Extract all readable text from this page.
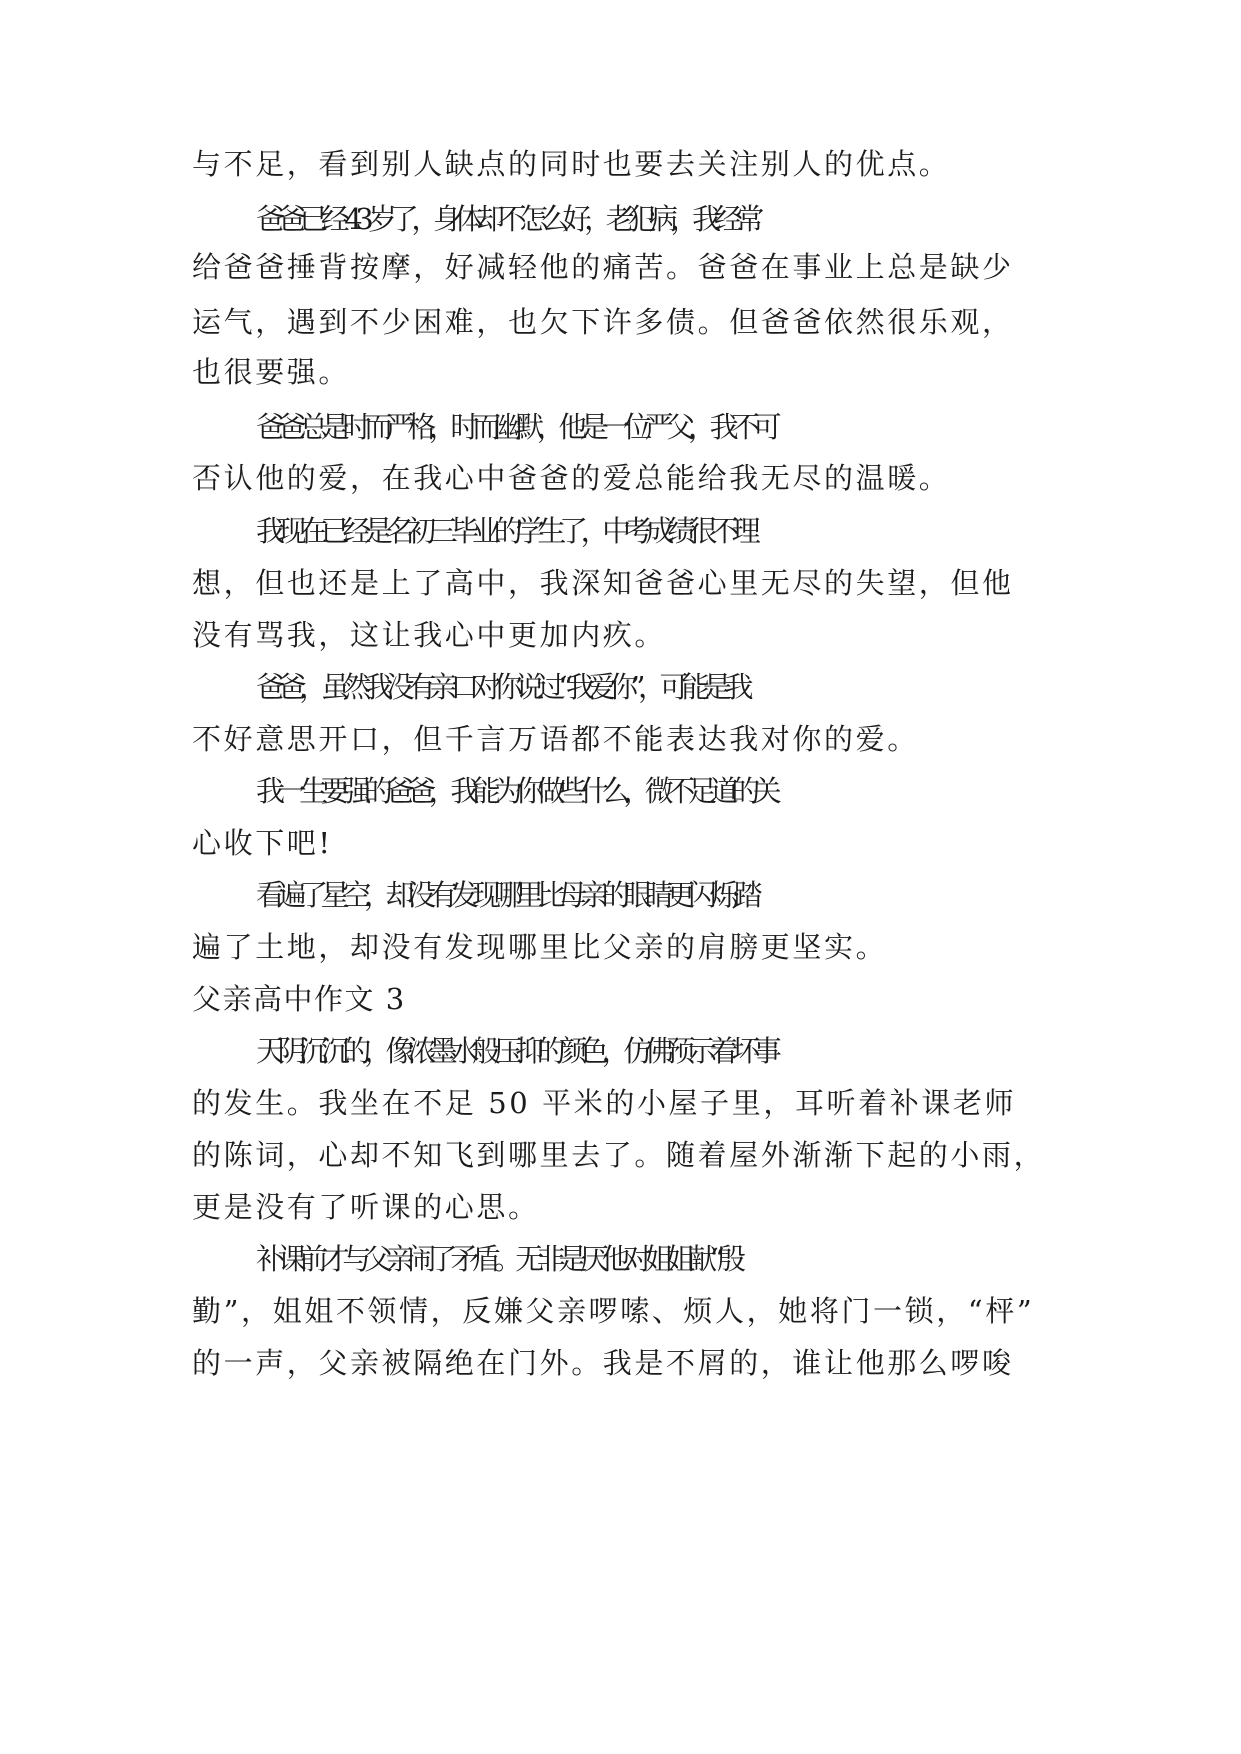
与不足，看到别人缺点的同时也要去关注别人的优点。

爸爸已经 43 岁了，身体却不怎么好，老犯病，我经常

给爸爸捶背按摩，好减轻他的痛苦。爸爸在事业上总是缺少

运气，遇到不少困难，也欠下许多债。但爸爸依然很乐观，

也很要强。

爸爸总是时而严格，时而幽默，他是一位严父，我不可

否认他的爱，在我心中爸爸的爱总能给我无尽的温暖。

我现在已经是名初三毕业的'学生了，中考成绩很不理

想，但也还是上了高中，我深知爸爸心里无尽的失望，但他

没有骂我，这让我心中更加内疚。

爸爸，虽然我没有亲口对你说过“我爱你”，可能是我

不好意思开口，但千言万语都不能表达我对你的爱。

我一生要强的爸爸，我能为你做些什么，微不足道的关

心收下吧!

看遍了星空，却没有发现哪里比母亲的眼睛更闪烁;踏

遍了土地，却没有发现哪里比父亲的肩膀更坚实。

父亲高中作文 3

天阴沉沉的，像浓墨水般压抑的颜色，仿佛预示着坏事

的发生。我坐在不足 50 平米的小屋子里，耳听着补课老师

的陈词，心却不知飞到哪里去了。随着屋外渐渐下起的小雨，

更是没有了听课的心思。

补课前才与父亲闹了矛盾。无非是厌他对姐姐献“殷

勤”，姐姐不领情，反嫌父亲啰嗦、烦人，她将门一锁，“枰”

的一声，父亲被隔绝在门外。我是不屑的，谁让他那么啰唆
